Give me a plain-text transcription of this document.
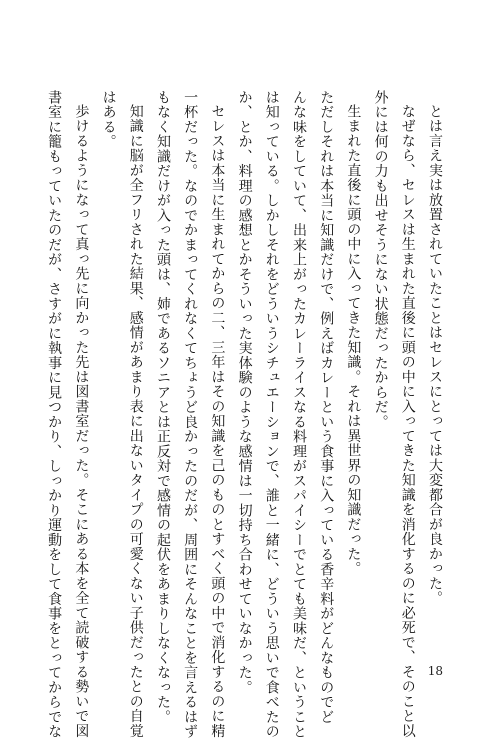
とは言え実は放置されていたことはセレスにとっては大変都合が良かった。
なぜなら、セレスは生まれた直後に頭の中に入ってきた知識を消化するのに必死で、そのこと以
外には何の力も出せそうにない状態だったからだ。
生まれた直後に頭の中に入ってきた知識。それは異世界の知識だった。
ただしそれは本当に知識だけで、例えばカレーという食事に入っている香辛料がどんなものでど
んな味をしていて、出来上がったカレーライスなる料理がスパイシーでとても美味だ、ということ
は知っている。しかしそれをどういうシチュエーションで、誰と一緒に、どういう思いで食べたの
か、とか、料理の感想とかそういった実体験のような感情は一切持ち合わせていなかった。
セレスは本当に生まれてからの二、三年はその知識を己のものとすべく頭の中で消化するのに精
一杯だった。なのでかまってくれなくてちょうど良かったのだが、周囲にそんなことを言えるはず
もなく知識だけが入った頭は、姉であるソニアとは正反対で感情の起伏をあまりしなくなった。
知識に脳が全フリされた結果、感情があまり表に出ないタイプの可愛くない子供だったとの自覚
はある。
歩けるようになって真っ先に向かった先は図書室だった。そこにある本を全て読破する勢いで図
書室に籠もっていたのだが、さすがに執事に見つかり、しっかり運動をして食事をとってからでな	18
